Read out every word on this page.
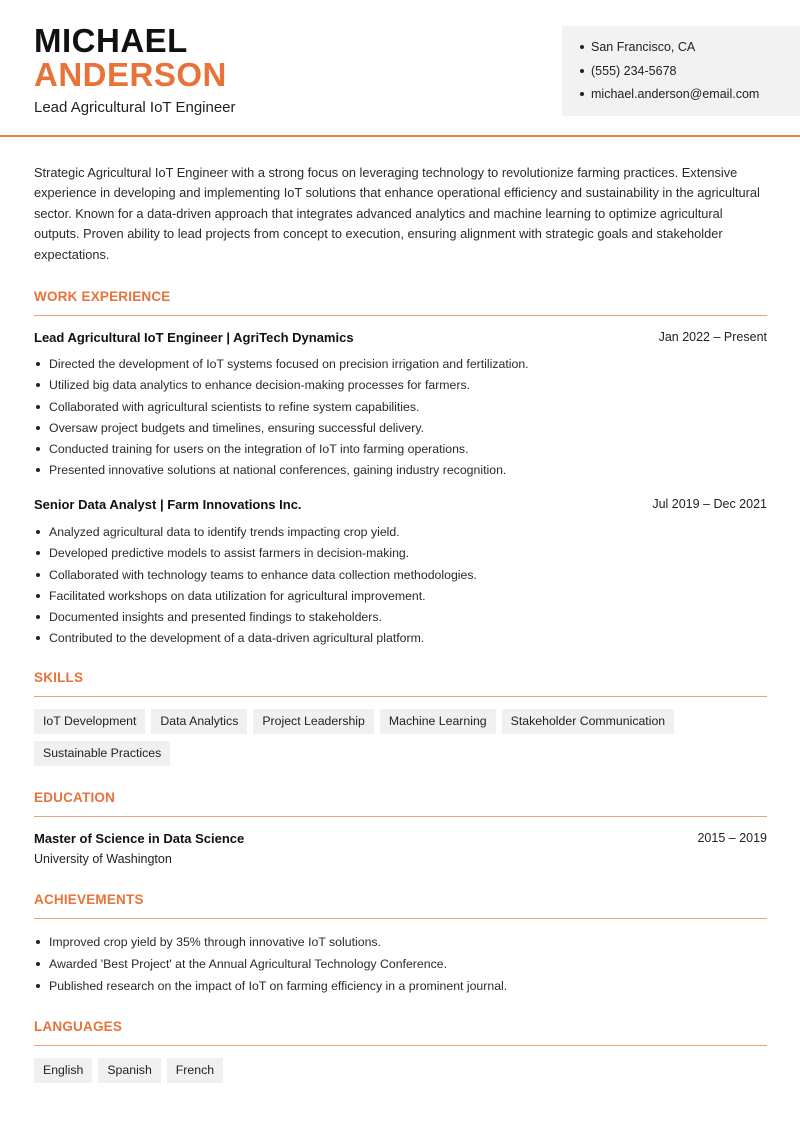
MICHAEL
ANDERSON
Lead Agricultural IoT Engineer
San Francisco, CA
(555) 234-5678
michael.anderson@email.com

Strategic Agricultural IoT Engineer with a strong focus on leveraging technology to revolutionize farming practices. Extensive experience in developing and implementing IoT solutions that enhance operational efficiency and sustainability in the agricultural sector. Known for a data-driven approach that integrates advanced analytics and machine learning to optimize agricultural outputs. Proven ability to lead projects from concept to execution, ensuring alignment with strategic goals and stakeholder expectations.

WORK EXPERIENCE
Lead Agricultural IoT Engineer | AgriTech Dynamics	Jan 2022 – Present
Directed the development of IoT systems focused on precision irrigation and fertilization.
Utilized big data analytics to enhance decision-making processes for farmers.
Collaborated with agricultural scientists to refine system capabilities.
Oversaw project budgets and timelines, ensuring successful delivery.
Conducted training for users on the integration of IoT into farming operations.
Presented innovative solutions at national conferences, gaining industry recognition.
Senior Data Analyst | Farm Innovations Inc.	Jul 2019 – Dec 2021
Analyzed agricultural data to identify trends impacting crop yield.
Developed predictive models to assist farmers in decision-making.
Collaborated with technology teams to enhance data collection methodologies.
Facilitated workshops on data utilization for agricultural improvement.
Documented insights and presented findings to stakeholders.
Contributed to the development of a data-driven agricultural platform.
SKILLS
IoT Development	Data Analytics	Project Leadership	Machine Learning	Stakeholder Communication
Sustainable Practices
EDUCATION
Master of Science in Data Science	2015 – 2019
University of Washington
ACHIEVEMENTS
Improved crop yield by 35% through innovative IoT solutions.
Awarded 'Best Project' at the Annual Agricultural Technology Conference.
Published research on the impact of IoT on farming efficiency in a prominent journal.
LANGUAGES
English	Spanish	French
